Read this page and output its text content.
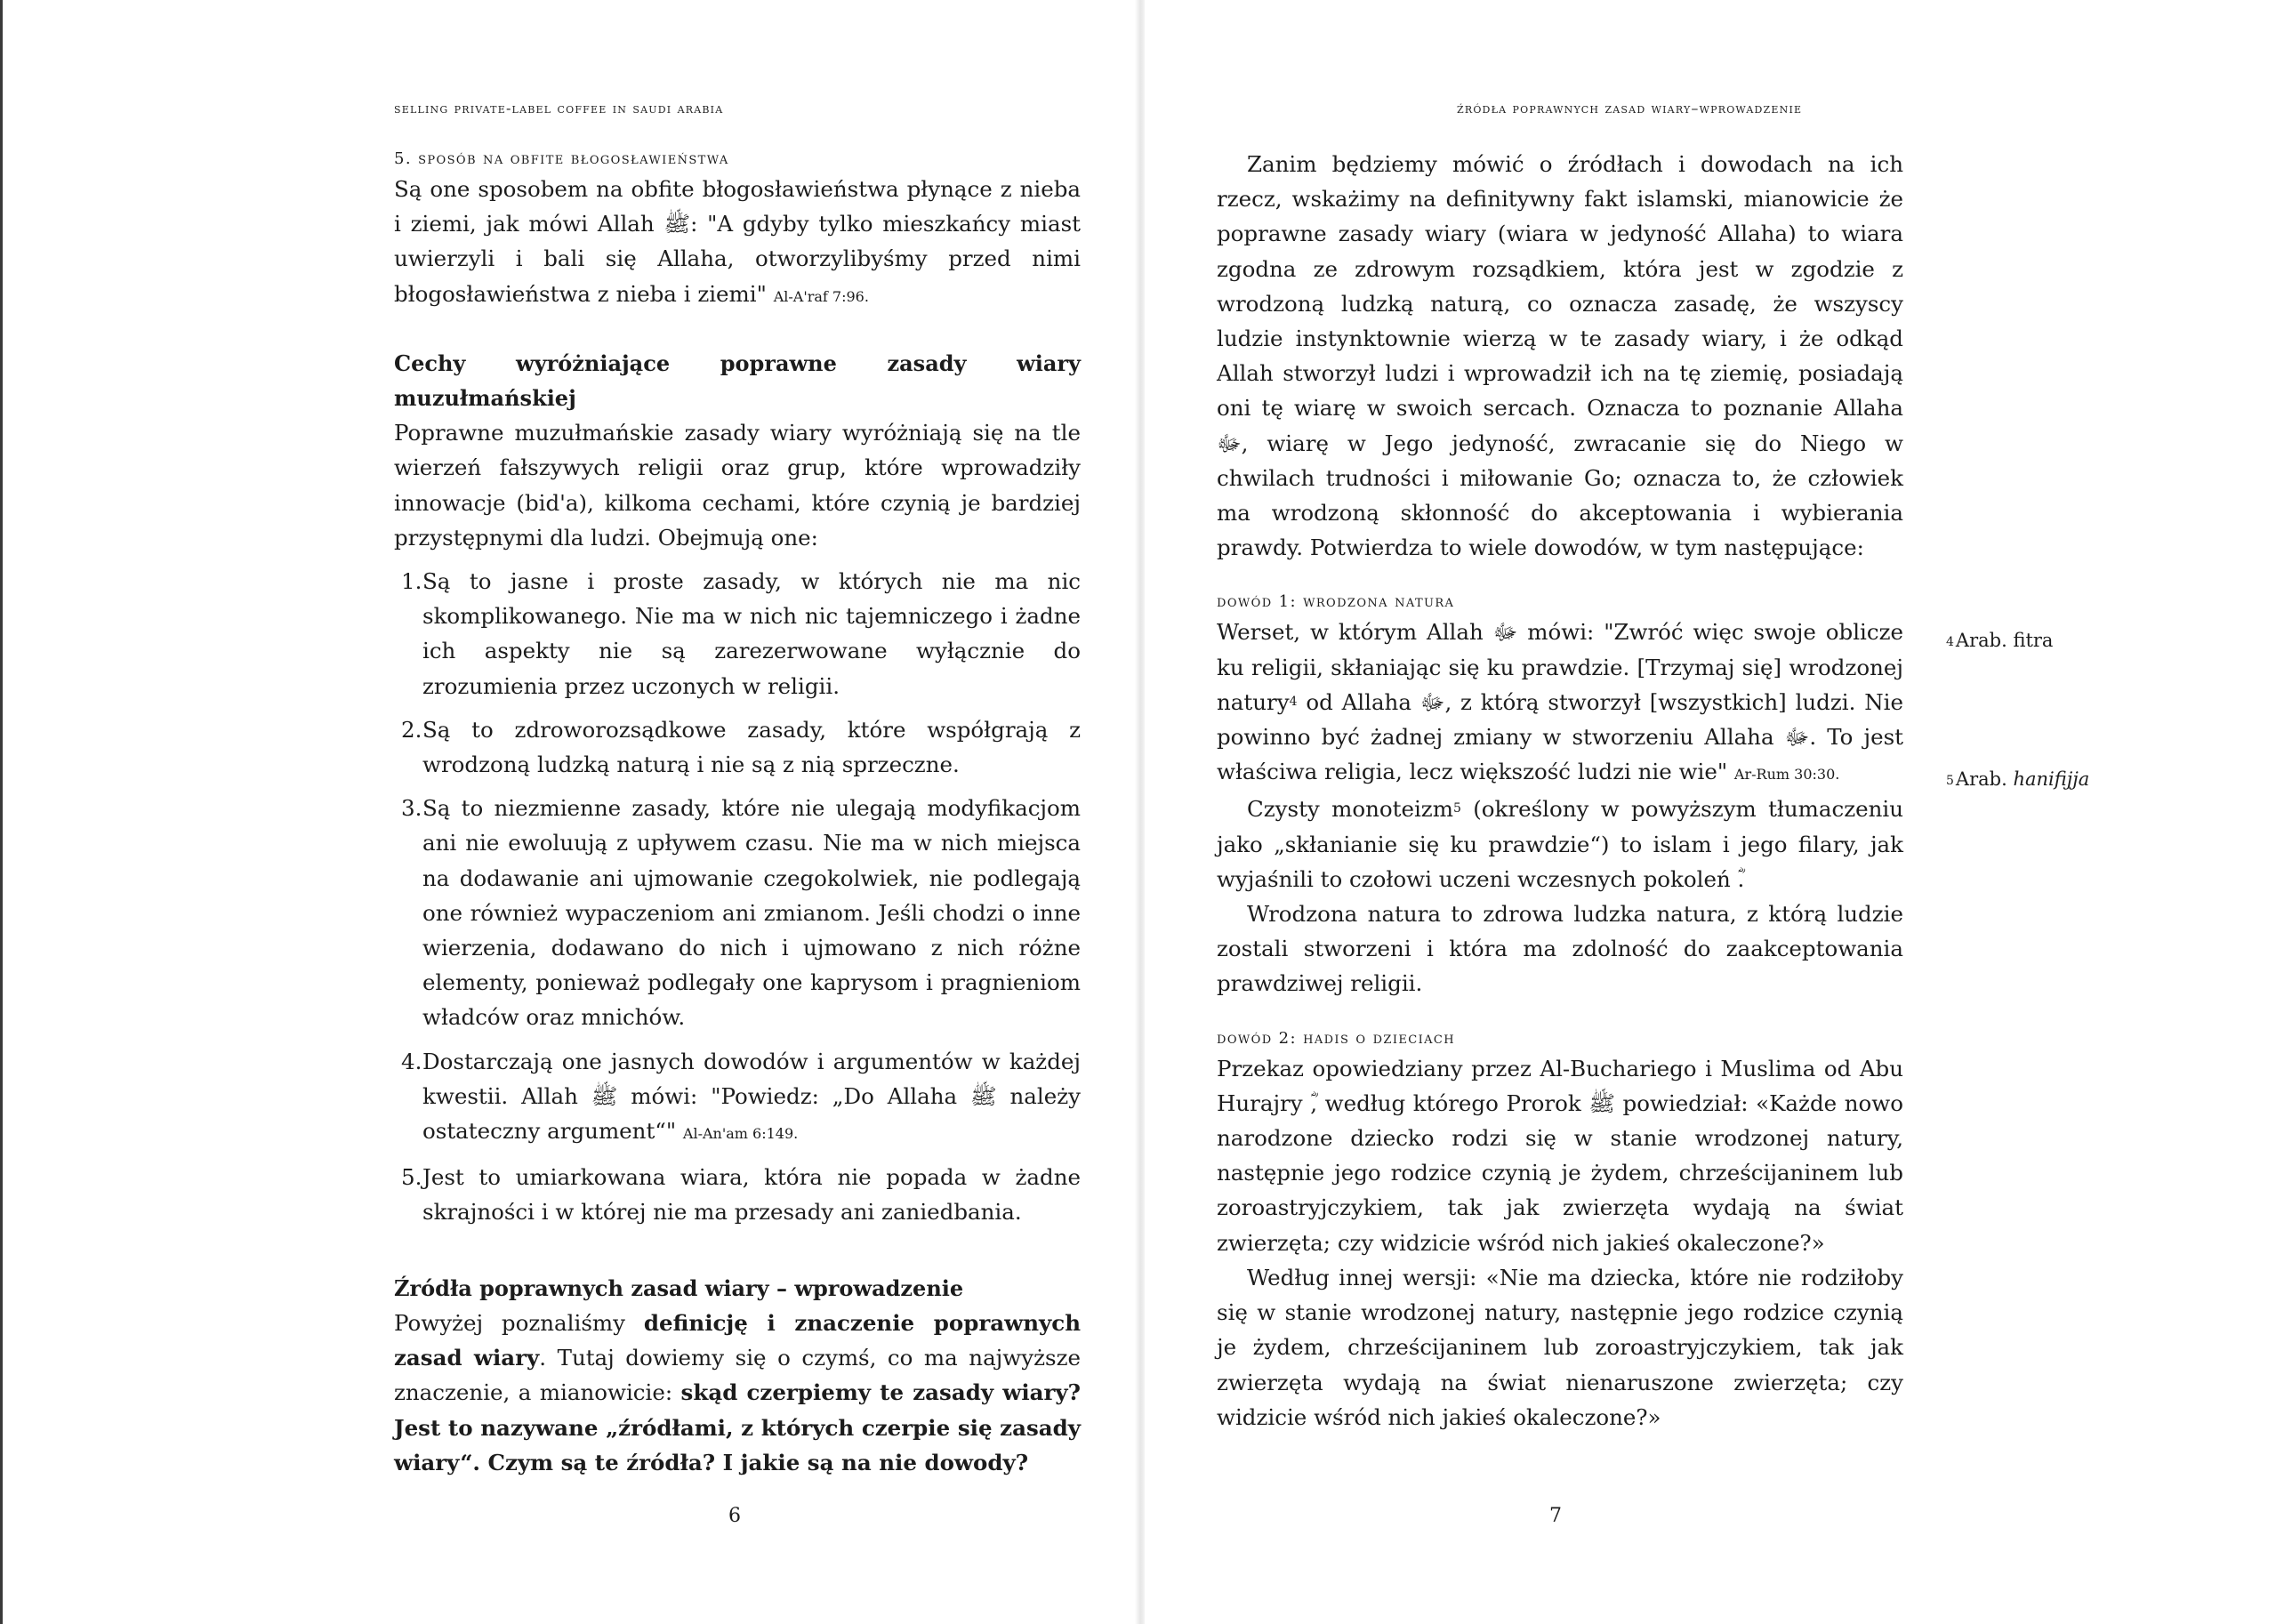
selling private-label coffee in saudi arabia

5. sposób na obfite błogosławieństwa

Są one sposobem na obfite błogosławieństwa płynące z nieba i ziemi, jak mówi Allah ﷺ: "A gdyby tylko mieszkańcy miast uwierzyli i bali się Allaha, otworzylibyśmy przed nimi błogosławieństwa z nieba i ziemi" Al-A'raf 7:96.

Cechy wyróżniające poprawne zasady wiary muzułmańskiej

Poprawne muzułmańskie zasady wiary wyróżniają się na tle wierzeń fałszywych religii oraz grup, które wprowadziły innowacje (bid'a), kilkoma cechami, które czynią je bardziej przystępnymi dla ludzi. Obejmują one:

1. Są to jasne i proste zasady, w których nie ma nic skomplikowanego. Nie ma w nich nic tajemniczego i żadne ich aspekty nie są zarezerwowane wyłącznie do zrozumienia przez uczonych w religii.
2. Są to zdroworozsądkowe zasady, które współgrają z wrodzoną ludzką naturą i nie są z nią sprzeczne.
3. Są to niezmienne zasady, które nie ulegają modyfikacjom ani nie ewoluują z upływem czasu. Nie ma w nich miejsca na dodawanie ani ujmowanie czegokolwiek, nie podlegają one również wypaczeniom ani zmianom. Jeśli chodzi o inne wierzenia, dodawano do nich i ujmowano z nich różne elementy, ponieważ podlegały one kaprysom i pragnieniom władców oraz mnichów.
4. Dostarczają one jasnych dowodów i argumentów w każdej kwestii. Allah ﷺ mówi: "Powiedz: „Do Allaha ﷺ należy ostateczny argument“" Al-An'am 6:149.
5. Jest to umiarkowana wiara, która nie popada w żadne skrajności i w której nie ma przesady ani zaniedbania.

Źródła poprawnych zasad wiary – wprowadzenie

Powyżej poznaliśmy definicję i znaczenie poprawnych zasad wiary. Tutaj dowiemy się o czymś, co ma najwyższe znaczenie, a mianowicie: skąd czerpiemy te zasady wiary? Jest to nazywane „źródłami, z których czerpie się zasady wiary“. Czym są te źródła? I jakie są na nie dowody?

6
źródła poprawnych zasad wiary–wprowadzenie

Zanim będziemy mówić o źródłach i dowodach na ich rzecz, wskażimy na definitywny fakt islamski, mianowicie że poprawne zasady wiary (wiara w jedyność Allaha) to wiara zgodna ze zdrowym rozsądkiem, która jest w zgodzie z wrodzoną ludzką naturą, co oznacza zasadę, że wszyscy ludzie instynktownie wierzą w te zasady wiary, i że odkąd Allah stworzył ludzi i wprowadził ich na tę ziemię, posiadają oni tę wiarę w swoich sercach. Oznacza to poznanie Allaha ﷻ, wiarę w Jego jedyność, zwracanie się do Niego w chwilach trudności i miłowanie Go; oznacza to, że człowiek ma wrodzoną skłonność do akceptowania i wybierania prawdy. Potwierdza to wiele dowodów, w tym następujące:

dowód 1: wrodzona natura

Werset, w którym Allah ﷻ mówi: "Zwróć więc swoje oblicze ku religii, skłaniając się ku prawdzie. [Trzymaj się] wrodzonej natury$^4$ od Allaha ﷻ, z którą stworzył [wszystkich] ludzi. Nie powinno być żadnej zmiany w stworzeniu Allaha ﷻ. To jest właściwa religia, lecz większość ludzi nie wie" Ar-Rum 30:30.

Czysty monoteizm$^5$ (określony w powyższym tłumaczeniu jako „skłanianie się ku prawdzie“) to islam i jego filary, jak wyjaśnili to czołowi uczeni wczesnych pokoleń ؓ.

Wrodzona natura to zdrowa ludzka natura, z którą ludzie zostali stworzeni i która ma zdolność do zaakceptowania prawdziwej religii.

dowód 2: hadis o dzieciach

Przekaz opowiedziany przez Al-Buchariego i Muslima od Abu Hurajry ؓ, według którego Prorok ﷺ powiedział: «Każde nowo narodzone dziecko rodzi się w stanie wrodzonej natury, następnie jego rodzice czynią je żydem, chrześcijaninem lub zoroastryjczykiem, tak jak zwierzęta wydają na świat zwierzęta; czy widzicie wśród nich jakieś okaleczone?»

Według innej wersji: «Nie ma dziecka, które nie rodziłoby się w stanie wrodzonej natury, następnie jego rodzice czynią je żydem, chrześcijaninem lub zoroastryjczykiem, tak jak zwierzęta wydają na świat nienaruszone zwierzęta; czy widzicie wśród nich jakieś okaleczone?»

4Arab. fitra
5Arab. hanifijja
7
